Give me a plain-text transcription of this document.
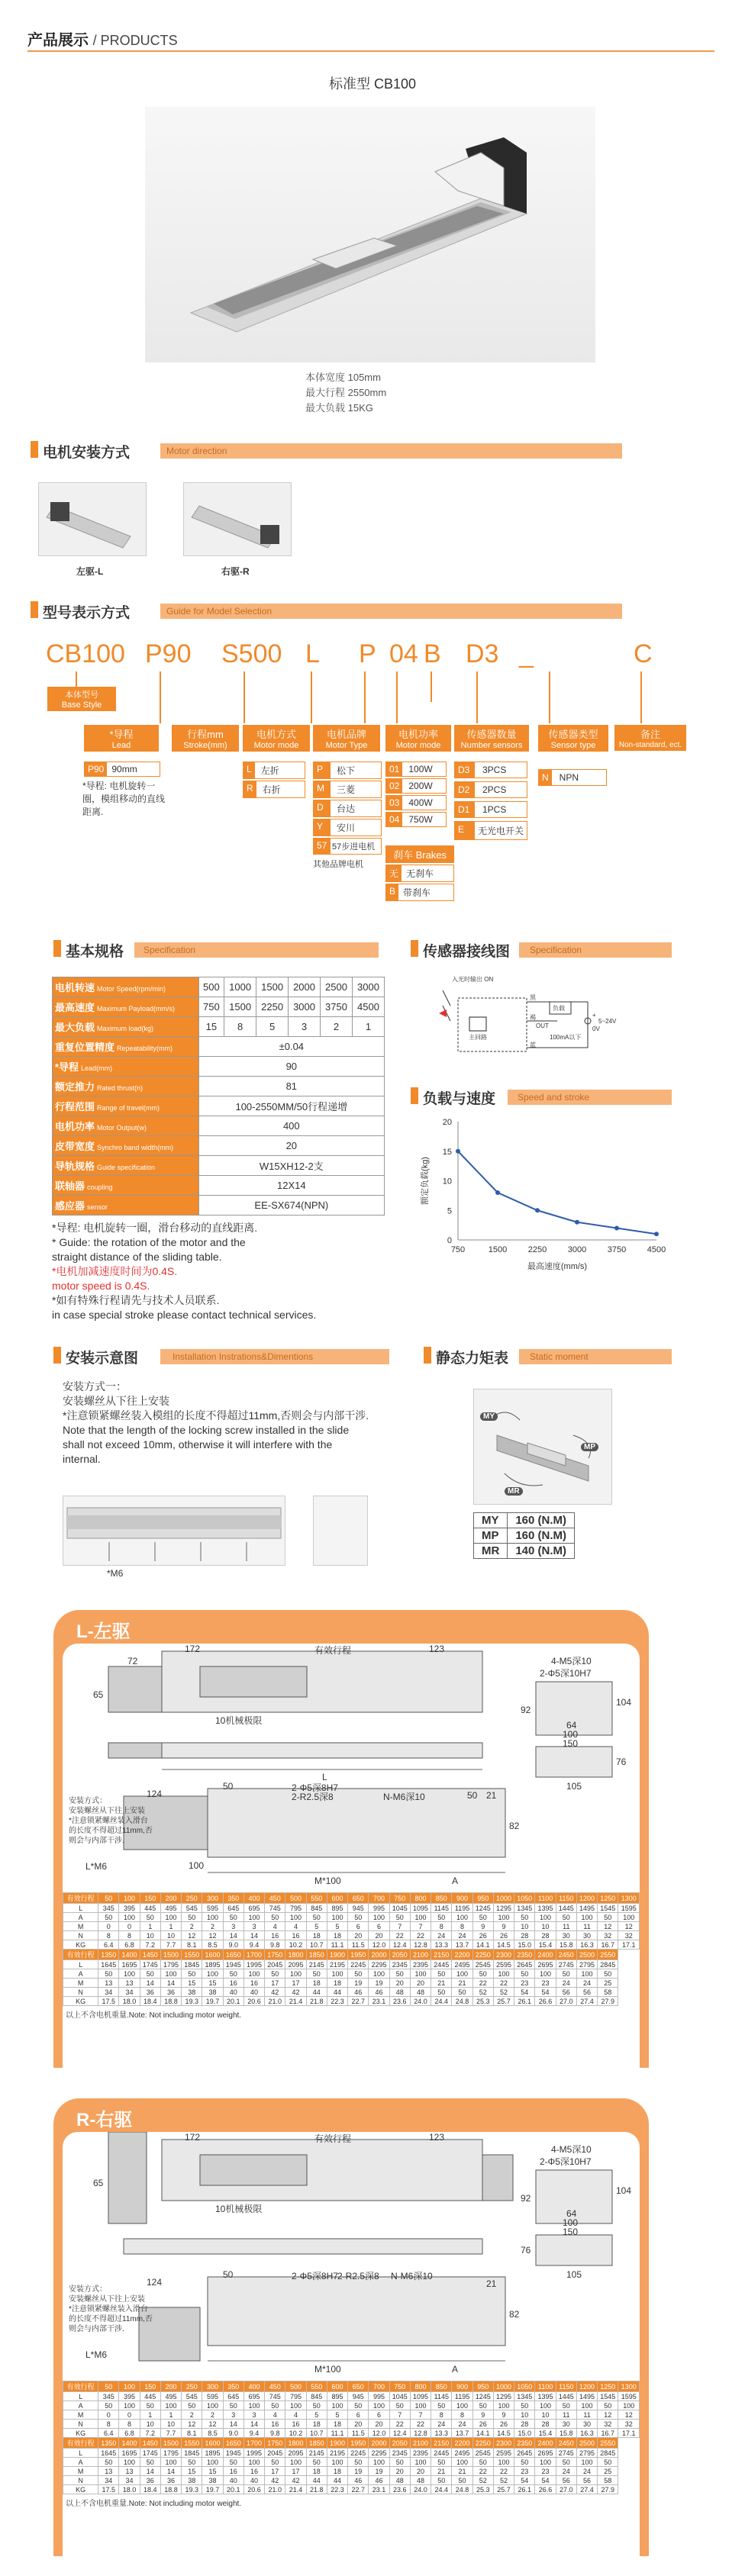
产品展示 / PRODUCTS
标准型 CB100
本体宽度 105mm
最大行程 2550mm
最大负载 15KG
电机安装方式	Motor direction
左驱-L	右驱-R
型号表示方式	Guide for Model Selection
CB100 P90 S500 L P 04 B D3 _	C
本体型号
Base Style
*导程
Lead
P90 90mm
*导程: 电机旋转一圈，模组移动的直线距离.
行程mm
Stroke(mm)
电机方式
Motor mode
L	左折
R	右折
电机品牌
Motor Type
P	松下
M	三菱
D	台达
Y	安川
57 57步进电机
其他品牌电机
电机功率
Motor mode
01	100W
02	200W
03	400W
04	750W
刹车 Brakes
无 无刹车
B 带刹车
传感器数量
Number sensors
D3	3PCS
D2	2PCS
D1	1PCS
E	无光电开关
传感器类型
Sensor type
N	NPN
备注
Non-standard, ect.
基本规格 Specification
电机转速 Motor Speed(rpm/min)	500	1000	1500	2000	2500	3000
最高速度 Maximum Payload(mm/s)	750	1500	2250	3000	3750	4500
最大负载 Maximum load(kg)	15	8	5	3	2	1
重复位置精度 Repeatability(mm)	±0.04					
*导程 Lead(mm)	90					
额定推力 Rated thrust(n)	81					
行程范围 Range of travel(mm)	100-2550MM/50行程递增					
电机功率 Motor Output(w)	400					
皮带宽度 Synchro band width(mm)	20					
导轨规格 Guide specification	W15XH12-2支					
联轴器 coupling	12X14					
感应器 sensor	EE-SX674(NPN)					
*导程: 电机旋转一圈，滑台移动的直线距离.
* Guide: the rotation of the motor and the
straight distance of the sliding table.
*电机加减速度时间为0.4S.
motor speed is 0.4S.
*如有特殊行程请先与技术人员联系.
in case special stroke please contact technical services.
传感器接线图 Specification
入光时输出 ON
主回路
黑
褐
蓝
负载
OUT
+
0V
5~24V
100mA以下
负载与速度 Speed and stroke
0
5
10
15
20
750	1500	2250	3000	3750	4500
最高速度(mm/s)
额定负载(kg)
安装示意图	Installation Instrations&Dimentions
安装方式一：
安装螺丝从下往上安装
*注意锁紧螺丝装入模组的长度不得超过11mm,否则会与内部干涉.
Note that the length of the locking screw installed in the slide
shall not exceed 10mm, otherwise it will interfere with the
internal.
*M6
静态力矩表 Static moment
MY
MP
MR
MY	160 (N.M)
MP	160 (N.M)
MR	140 (N.M)
L-左驱
有效行程
172	123
72
65
10机械极限
L
4-M5深10
2-Φ5深10H7
92
64
100
150
104
76
105
124
50	2-Φ5深8H7
2-R2.5深8	N-M6深10	50 21
82
100
M*100	A
安装方式：
安装螺丝从下往上安装
*注意锁紧螺丝装入滑台
的长度不得超过11mm,否
则会与内部干涉.
L*M6
有效行程	50	100	150	200	250	300	350	400	450	500	550	600	650	700	750	800	850	900	950	1000	1050	1100	1150	1200	1250	1300
L	345	395	445	495	545	595	645	695	745	795	845	895	945	995	1045	1095	1145	1195	1245	1295	1345	1395	1445	1495	1545	1595
A	50	100	50	100	50	100	50	100	50	100	50	100	50	100	50	100	50	100	50	100	50	100	50	100	50	100
M	0	0	1	1	2	2	3	3	4	4	5	5	6	6	7	7	8	8	9	9	10	10	11	11	12	12
N	8	8	10	10	12	12	14	14	16	16	18	18	20	20	22	22	24	24	26	26	28	28	30	30	32	32
KG	6.4	6.8	7.2	7.7	8.1	8.5	9.0	9.4	9.8	10.2	10.7	11.1	11.5	12.0	12.4	12.8	13.3	13.7	14.1	14.5	15.0	15.4	15.8	16.3	16.7	17.1
有效行程	1350	1400	1450	1500	1550	1600	1650	1700	1750	1800	1850	1900	1950	2000	2050	2100	2150	2200	2250	2300	2350	2400	2450	2500	2550	
L	1645	1695	1745	1795	1845	1895	1945	1995	2045	2095	2145	2195	2245	2295	2345	2395	2445	2495	2545	2595	2645	2695	2745	2795	2845	
A	50	100	50	100	50	100	50	100	50	100	50	100	50	100	50	100	50	100	50	100	50	100	50	100	50	
M	13	13	14	14	15	15	16	16	17	17	18	18	19	19	20	20	21	21	22	22	23	23	24	24	25	
N	34	34	36	36	38	38	40	40	42	42	44	44	46	46	48	48	50	50	52	52	54	54	56	56	58	
KG	17.5	18.0	18.4	18.8	19.3	19.7	20.1	20.6	21.0	21.4	21.8	22.3	22.7	23.1	23.6	24.0	24.4	24.8	25.3	25.7	26.1	26.6	27.0	27.4	27.9	
以上不含电机重量.Note: Not including motor weight.
R-右驱
有效行程
172	123
65
10机械极限
4-M5深10
2-Φ5深10H7
92
64
100
150
104
76
105
124
50	2-Φ5深8H7 2-R2.5深8 N-M6深10
21
82
M*100	A
安装方式：
安装螺丝从下往上安装
*注意锁紧螺丝装入滑台
的长度不得超过11mm,否
则会与内部干涉.
L*M6
有效行程	50	100	150	200	250	300	350	400	450	500	550	600	650	700	750	800	850	900	950	1000	1050	1100	1150	1200	1250	1300
L	345	395	445	495	545	595	645	695	745	795	845	895	945	995	1045	1095	1145	1195	1245	1295	1345	1395	1445	1495	1545	1595
A	50	100	50	100	50	100	50	100	50	100	50	100	50	100	50	100	50	100	50	100	50	100	50	100	50	100
M	0	0	1	1	2	2	3	3	4	4	5	5	6	6	7	7	8	8	9	9	10	10	11	11	12	12
N	8	8	10	10	12	12	14	14	16	16	18	18	20	20	22	22	24	24	26	26	28	28	30	30	32	32
KG	6.4	6.8	7.2	7.7	8.1	8.5	9.0	9.4	9.8	10.2	10.7	11.1	11.5	12.0	12.4	12.8	13.3	13.7	14.1	14.5	15.0	15.4	15.8	16.3	16.7	17.1
有效行程	1350	1400	1450	1500	1550	1600	1650	1700	1750	1800	1850	1900	1950	2000	2050	2100	2150	2200	2250	2300	2350	2400	2450	2500	2550	
L	1645	1695	1745	1795	1845	1895	1945	1995	2045	2095	2145	2195	2245	2295	2345	2395	2445	2495	2545	2595	2645	2695	2745	2795	2845	
A	50	100	50	100	50	100	50	100	50	100	50	100	50	100	50	100	50	100	50	100	50	100	50	100	50	
M	13	13	14	14	15	15	16	16	17	17	18	18	19	19	20	20	21	21	22	22	23	23	24	24	25	
N	34	34	36	36	38	38	40	40	42	42	44	44	46	46	48	48	50	50	52	52	54	54	56	56	58	
KG	17.5	18.0	18.4	18.8	19.3	19.7	20.1	20.6	21.0	21.4	21.8	22.3	22.7	23.1	23.6	24.0	24.4	24.8	25.3	25.7	26.1	26.6	27.0	27.4	27.9	
以上不含电机重量.Note: Not including motor weight.
